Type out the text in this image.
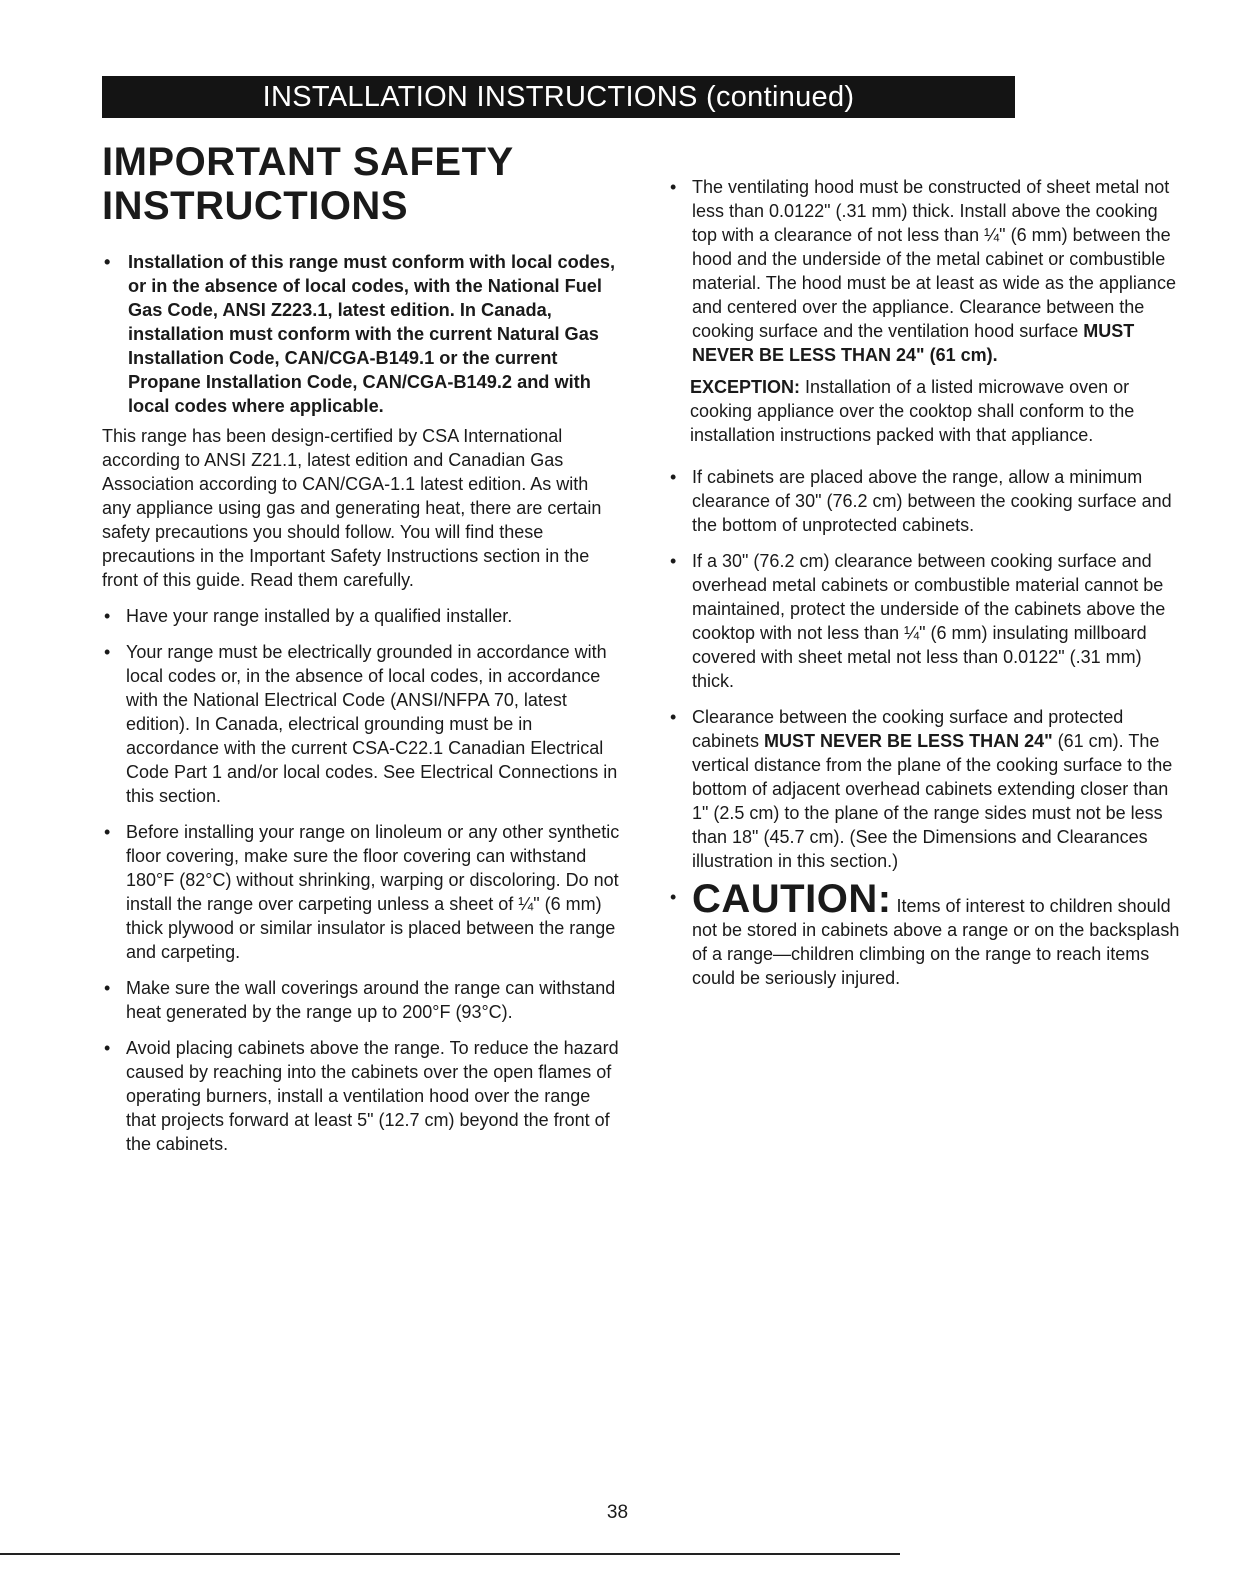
INSTALLATION INSTRUCTIONS (continued)
IMPORTANT SAFETY
INSTRUCTIONS
• Installation of this range must conform with local codes, or in the absence of local codes, with the National Fuel Gas Code, ANSI Z223.1, latest edition. In Canada, installation must conform with the current Natural Gas Installation Code, CAN/CGA-B149.1 or the current Propane Installation Code, CAN/CGA-B149.2 and with local codes where applicable.

This range has been design-certified by CSA International according to ANSI Z21.1, latest edition and Canadian Gas Association according to CAN/CGA-1.1 latest edition. As with any appliance using gas and generating heat, there are certain safety precautions you should follow. You will find these precautions in the Important Safety Instructions section in the front of this guide. Read them carefully.

• Have your range installed by a qualified installer.
• Your range must be electrically grounded in accordance with local codes or, in the absence of local codes, in accordance with the National Electrical Code (ANSI/NFPA 70, latest edition). In Canada, electrical grounding must be in accordance with the current CSA-C22.1 Canadian Electrical Code Part 1 and/or local codes. See Electrical Connections in this section.
• Before installing your range on linoleum or any other synthetic floor covering, make sure the floor covering can withstand 180°F (82°C) without shrinking, warping or discoloring. Do not install the range over carpeting unless a sheet of ¼" (6 mm) thick plywood or similar insulator is placed between the range and carpeting.
• Make sure the wall coverings around the range can withstand heat generated by the range up to 200°F (93°C).
• Avoid placing cabinets above the range. To reduce the hazard caused by reaching into the cabinets over the open flames of operating burners, install a ventilation hood over the range that projects forward at least 5" (12.7 cm) beyond the front of the cabinets.
• The ventilating hood must be constructed of sheet metal not less than 0.0122" (.31 mm) thick. Install above the cooking top with a clearance of not less than ¼" (6 mm) between the hood and the underside of the metal cabinet or combustible material. The hood must be at least as wide as the appliance and centered over the appliance. Clearance between the cooking surface and the ventilation hood surface MUST NEVER BE LESS THAN 24" (61 cm).
EXCEPTION: Installation of a listed microwave oven or cooking appliance over the cooktop shall conform to the installation instructions packed with that appliance.
• If cabinets are placed above the range, allow a minimum clearance of 30" (76.2 cm) between the cooking surface and the bottom of unprotected cabinets.
• If a 30" (76.2 cm) clearance between cooking surface and overhead metal cabinets or combustible material cannot be maintained, protect the underside of the cabinets above the cooktop with not less than ¼" (6 mm) insulating millboard covered with sheet metal not less than 0.0122" (.31 mm) thick.
• Clearance between the cooking surface and protected cabinets MUST NEVER BE LESS THAN 24" (61 cm). The vertical distance from the plane of the cooking surface to the bottom of adjacent overhead cabinets extending closer than 1" (2.5 cm) to the plane of the range sides must not be less than 18" (45.7 cm). (See the Dimensions and Clearances illustration in this section.)
• CAUTION: Items of interest to children should not be stored in cabinets above a range or on the backsplash of a range—children climbing on the range to reach items could be seriously injured.
38
